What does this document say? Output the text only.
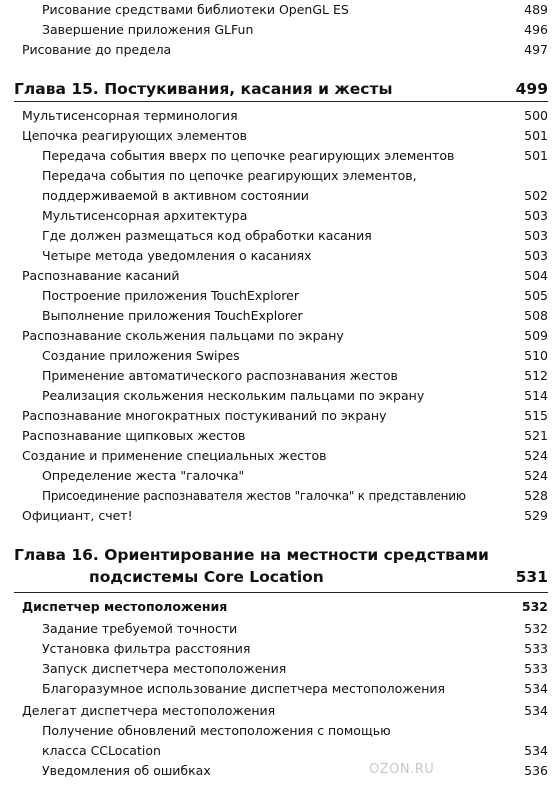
Рисование средствами библиотеки OpenGL ES	489
Завершение приложения GLFun	496
Рисование до предела	497
Глава 15. Постукивания, касания и жесты	499
Мультисенсорная терминология	500
Цепочка реагирующих элементов	501
Передача события вверх по цепочке реагирующих элементов	501
Передача события по цепочке реагирующих элементов,
поддерживаемой в активном состоянии	502
Мультисенсорная архитектура	503
Где должен размещаться код обработки касания	503
Четыре метода уведомления о касаниях	503
Распознавание касаний	504
Построение приложения TouchExplorer	505
Выполнение приложения TouchExplorer	508
Распознавание скольжения пальцами по экрану	509
Создание приложения Swipes	510
Применение автоматического распознавания жестов	512
Реализация скольжения нескольким пальцами по экрану	514
Распознавание многократных постукиваний по экрану	515
Распознавание щипковых жестов	521
Создание и применение специальных жестов	524
Определение жеста "галочка"	524
Присоединение распознавателя жестов "галочка" к представлению	528
Официант, счет!	529
Глава 16. Ориентирование на местности средствами
подсистемы Core Location	531
Диспетчер местоположения	532
Задание требуемой точности	532
Установка фильтра расстояния	533
Запуск диспетчера местоположения	533
Благоразумное использование диспетчера местоположения	534
Делегат диспетчера местоположения	534
Получение обновлений местоположения с помощью
класса CCLocation	534
Уведомления об ошибках	536
OZON.RU
